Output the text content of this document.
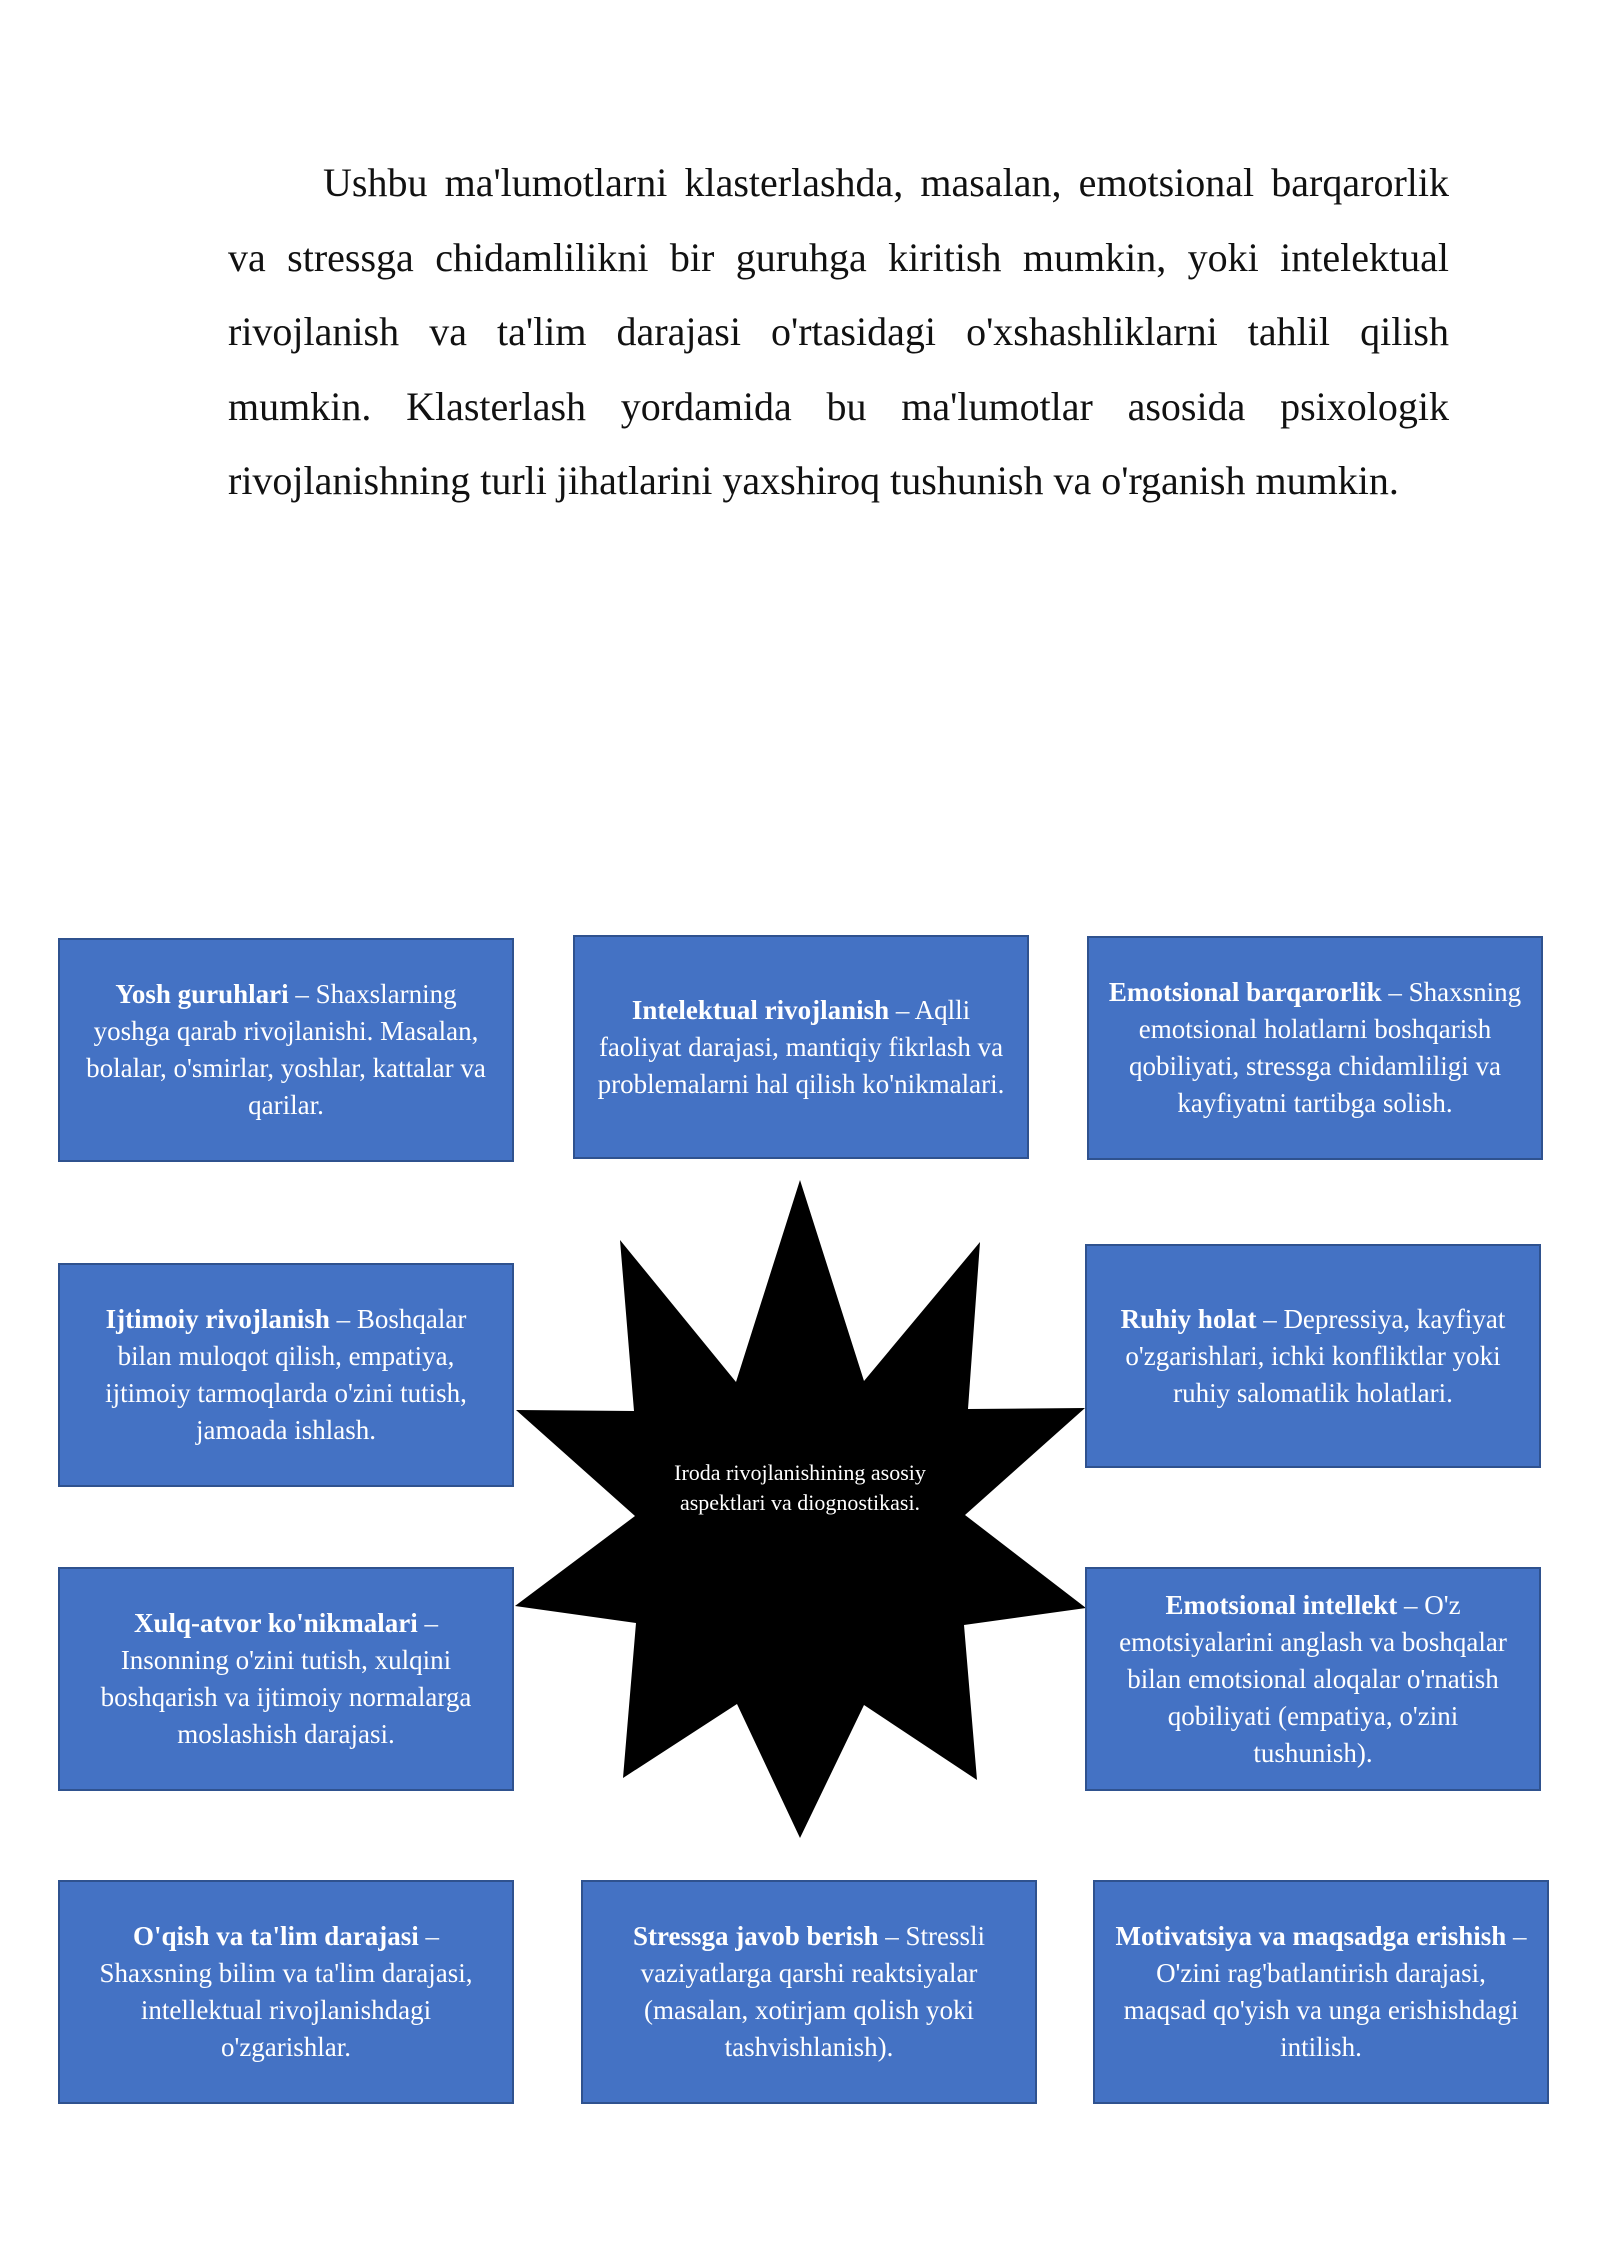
Ushbu ma'lumotlarni klasterlashda, masalan, emotsional barqarorlik va stressga chidamlilikni bir guruhga kiritish mumkin, yoki intelektual rivojlanish va ta'lim darajasi o'rtasidagi o'xshashliklarni tahlil qilish mumkin. Klasterlash yordamida bu ma'lumotlar asosida psixologik rivojlanishning turli jihatlarini yaxshiroq tushunish va o'rganish mumkin.

Iroda rivojlanishining asosiy aspektlari va diognostikasi.

Yosh guruhlari – Shaxslarning yoshga qarab rivojlanishi. Masalan, bolalar, o'smirlar, yoshlar, kattalar va qarilar.

Intelektual rivojlanish – Aqlli faoliyat darajasi, mantiqiy fikrlash va problemalarni hal qilish ko'nikmalari.

Emotsional barqarorlik – Shaxsning emotsional holatlarni boshqarish qobiliyati, stressga chidamliligi va kayfiyatni tartibga solish.

Ijtimoiy rivojlanish – Boshqalar bilan muloqot qilish, empatiya, ijtimoiy tarmoqlarda o'zini tutish, jamoada ishlash.

Ruhiy holat – Depressiya, kayfiyat o'zgarishlari, ichki konfliktlar yoki ruhiy salomatlik holatlari.

Xulq-atvor ko'nikmalari – Insonning o'zini tutish, xulqini boshqarish va ijtimoiy normalarga moslashish darajasi.

Emotsional intellekt – O'z emotsiyalarini anglash va boshqalar bilan emotsional aloqalar o'rnatish qobiliyati (empatiya, o'zini tushunish).

O'qish va ta'lim darajasi – Shaxsning bilim va ta'lim darajasi, intellektual rivojlanishdagi o'zgarishlar.

Stressga javob berish – Stressli vaziyatlarga qarshi reaktsiyalar (masalan, xotirjam qolish yoki tashvishlanish).

Motivatsiya va maqsadga erishish – O'zini rag'batlantirish darajasi, maqsad qo'yish va unga erishishdagi intilish.
